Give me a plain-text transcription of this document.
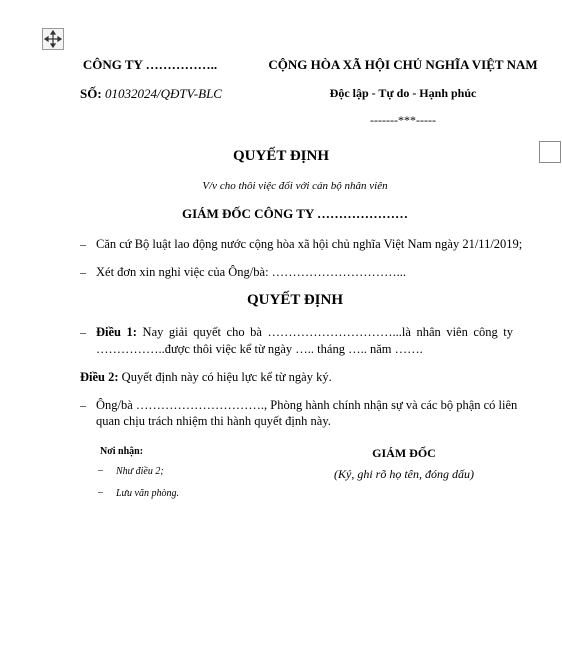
CÔNG TY ……………..
SỐ: 01032024/QĐTV-BLC
CỘNG HÒA XÃ HỘI CHỦ NGHĨA VIỆT NAM
Độc lập - Tự do - Hạnh phúc
-------***-----
QUYẾT ĐỊNH
V/v cho thôi việc đối với cán bộ nhân viên
GIÁM ĐỐC CÔNG TY …………………
– Căn cứ Bộ luật lao động nước cộng hòa xã hội chủ nghĩa Việt Nam ngày 21/11/2019;
– Xét đơn xin nghỉ việc của Ông/bà: …………………………...
QUYẾT ĐỊNH
– Điều 1: Nay giải quyết cho bà …………………………...là nhân viên công ty
……………..được thôi việc kể từ ngày ….. tháng ….. năm …….
Điều 2: Quyết định này có hiệu lực kể từ ngày ký.
– Ông/bà …………………………., Phòng hành chính nhận sự và các bộ phận có liên
quan chịu trách nhiệm thi hành quyết định này.
Nơi nhận:
– Như điều 2;
– Lưu văn phòng.
GIÁM ĐỐC
(Ký, ghi rõ họ tên, đóng dấu)
